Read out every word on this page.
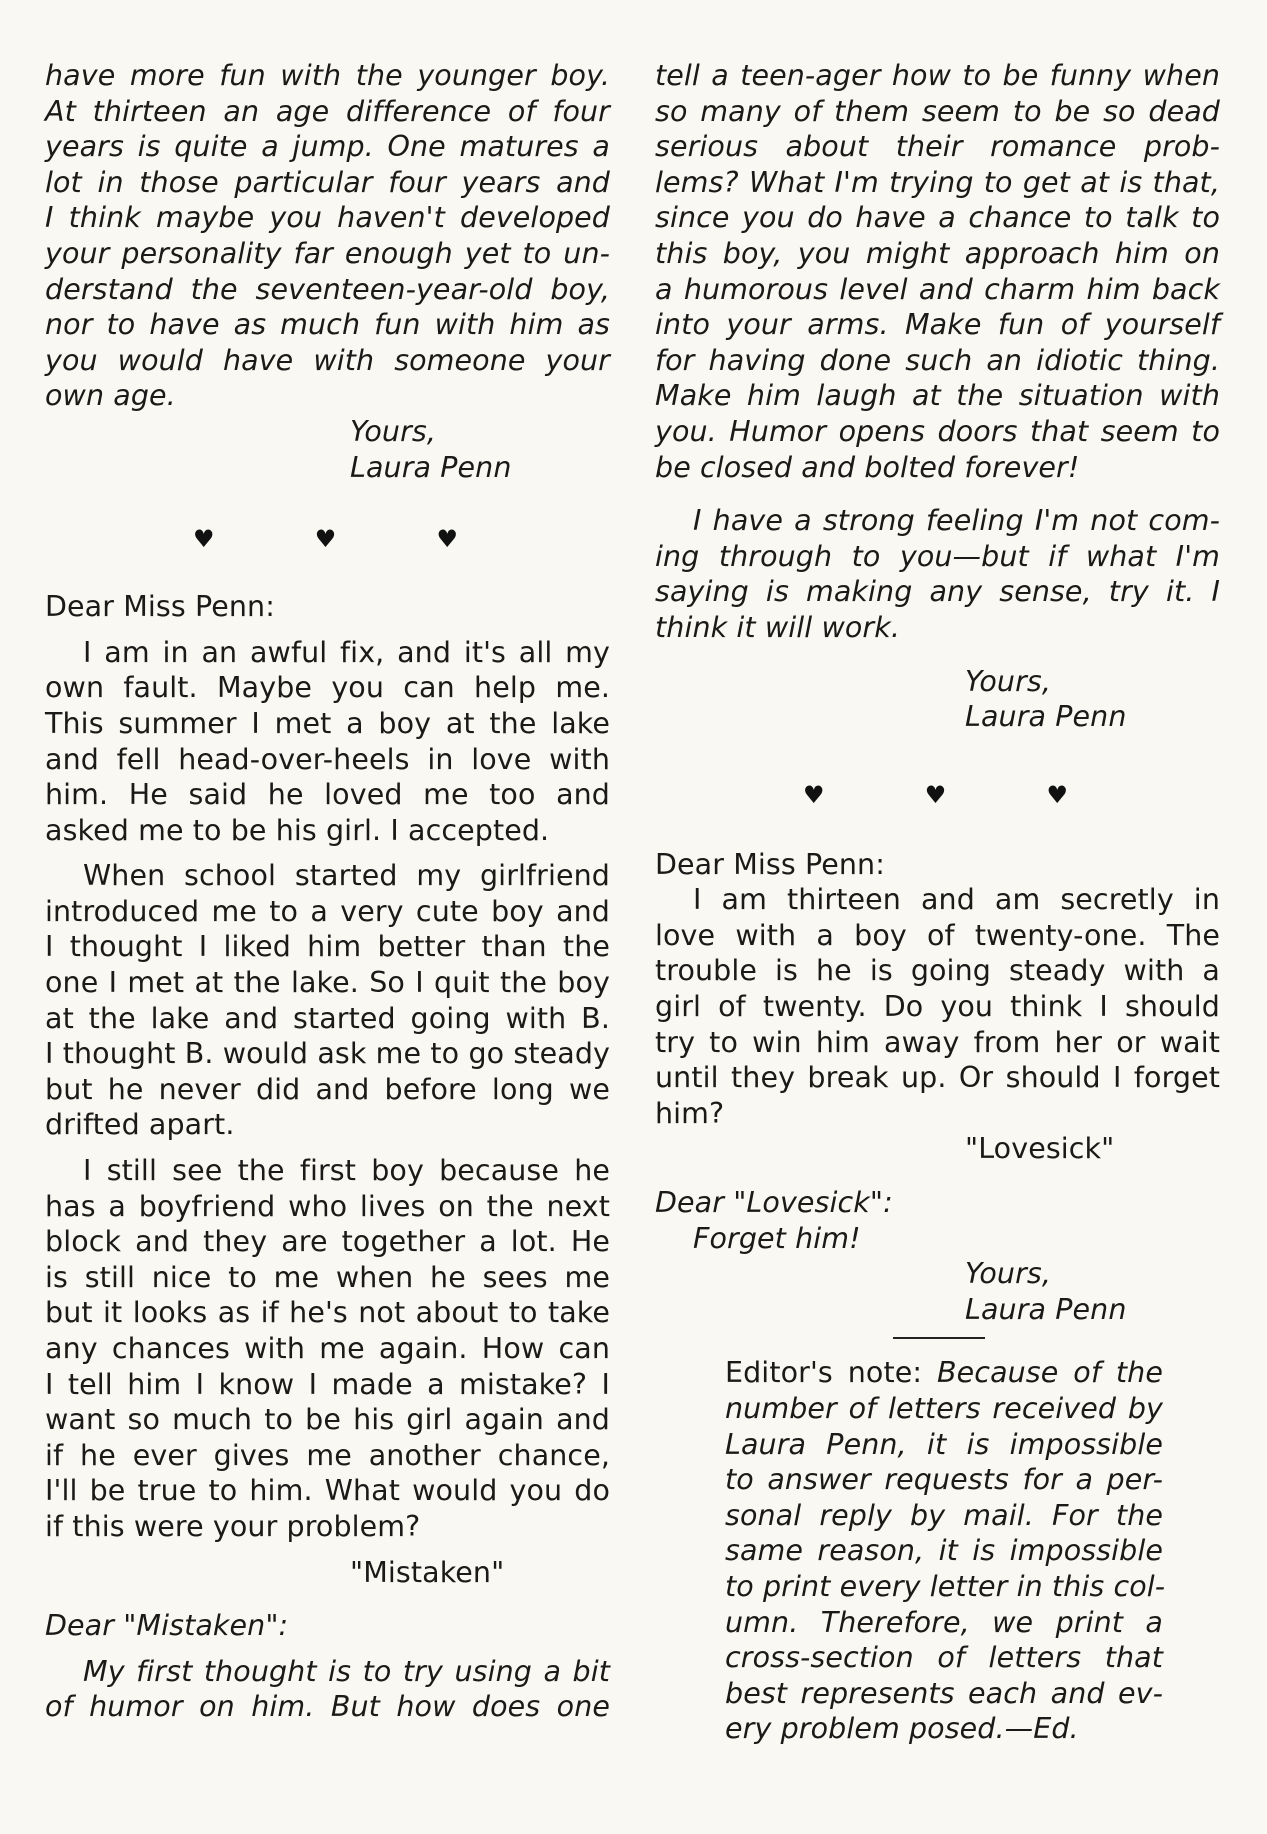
have more fun with the younger boy.
At thirteen an age difference of four
years is quite a jump. One matures a
lot in those particular four years and
I think maybe you haven't developed
your personality far enough yet to un-
derstand the seventeen-year-old boy,
nor to have as much fun with him as
you would have with someone your
own age.
Yours,
Laura Penn
♥	♥	♥
Dear Miss Penn:
I am in an awful fix, and it's all my
own fault. Maybe you can help me.
This summer I met a boy at the lake
and fell head-over-heels in love with
him. He said he loved me too and
asked me to be his girl. I accepted.
When school started my girlfriend
introduced me to a very cute boy and
I thought I liked him better than the
one I met at the lake. So I quit the boy
at the lake and started going with B.
I thought B. would ask me to go steady
but he never did and before long we
drifted apart.
I still see the first boy because he
has a boyfriend who lives on the next
block and they are together a lot. He
is still nice to me when he sees me
but it looks as if he's not about to take
any chances with me again. How can
I tell him I know I made a mistake? I
want so much to be his girl again and
if he ever gives me another chance,
I'll be true to him. What would you do
if this were your problem?
"Mistaken"
Dear "Mistaken":
My first thought is to try using a bit
of humor on him. But how does one
tell a teen-ager how to be funny when
so many of them seem to be so dead
serious about their romance prob-
lems? What I'm trying to get at is that,
since you do have a chance to talk to
this boy, you might approach him on
a humorous level and charm him back
into your arms. Make fun of yourself
for having done such an idiotic thing.
Make him laugh at the situation with
you. Humor opens doors that seem to
be closed and bolted forever!
I have a strong feeling I'm not com-
ing through to you—but if what I'm
saying is making any sense, try it. I
think it will work.
Yours,
Laura Penn
♥	♥	♥
Dear Miss Penn:
I am thirteen and am secretly in
love with a boy of twenty-one. The
trouble is he is going steady with a
girl of twenty. Do you think I should
try to win him away from her or wait
until they break up. Or should I forget
him?
"Lovesick"
Dear "Lovesick":
Forget him!
Yours,
Laura Penn
Editor's note: Because of the
number of letters received by
Laura Penn, it is impossible
to answer requests for a per-
sonal reply by mail. For the
same reason, it is impossible
to print every letter in this col-
umn. Therefore, we print a
cross-section of letters that
best represents each and ev-
ery problem posed.—Ed.
